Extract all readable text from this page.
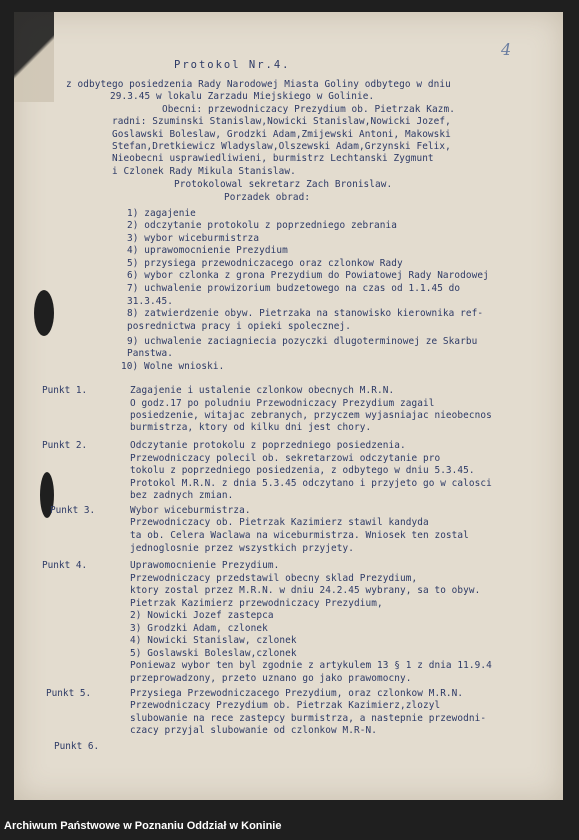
4
Protokol Nr.4.
z odbytego posiedzenia Rady Narodowej Miasta Goliny odbytego w dniu
29.3.45 w lokalu Zarzadu Miejskiego w Golinie.
Obecni: przewodniczacy Prezydium ob. Pietrzak Kazm.
radni: Szuminski Stanislaw,Nowicki Stanislaw,Nowicki Jozef,
Goslawski Boleslaw, Grodzki Adam,Zmijewski Antoni, Makowski
Stefan,Dretkiewicz Wladyslaw,Olszewski Adam,Grzynski Felix,
Nieobecni usprawiedliwieni, burmistrz Lechtanski Zygmunt
i Czlonek Rady Mikula Stanislaw.
Protokolowal sekretarz Zach Bronislaw.
Porzadek obrad:
1) zagajenie
2) odczytanie protokolu z poprzedniego zebrania
3) wybor wiceburmistrza
4) uprawomocnienie Prezydium
5) przysiega przewodniczacego oraz czlonkow Rady
6) wybor czlonka z grona Prezydium do Powiatowej Rady Narodowej
7) uchwalenie prowizorium budzetowego na czas od 1.1.45 do
31.3.45.
8) zatwierdzenie obyw. Pietrzaka na stanowisko kierownika ref-
posrednictwa pracy i opieki spolecznej.
9) uchwalenie zaciagniecia pozyczki dlugoterminowej ze Skarbu
Panstwa.
10) Wolne wnioski.
Punkt 1.	Zagajenie i ustalenie czlonkow obecnych M.R.N.
O godz.17 po poludniu Przewodniczacy Prezydium zagail
posiedzenie, witajac zebranych, przyczem wyjasniajac nieobecnos
burmistrza, ktory od kilku dni jest chory.
Punkt 2.	Odczytanie protokolu z poprzedniego posiedzenia.
Przewodniczacy polecil ob. sekretarzowi odczytanie pro
tokolu z poprzedniego posiedzenia, z odbytego w dniu 5.3.45.
Protokol M.R.N. z dnia 5.3.45 odczytano i przyjeto go w calosci
bez zadnych zmian.
Punkt 3.	Wybor wiceburmistrza.
Przewodniczacy ob. Pietrzak Kazimierz stawil kandyda
ta ob. Celera Waclawa na wiceburmistrza. Wniosek ten zostal
jednoglosnie przez wszystkich przyjety.
Punkt 4.	Uprawomocnienie Prezydium.
Przewodniczacy przedstawil obecny sklad Prezydium,
ktory zostal przez M.R.N. w dniu 24.2.45 wybrany, sa to obyw.
Pietrzak Kazimierz przewodniczacy Prezydium,
2) Nowicki Jozef zastepca
3) Grodzki Adam, czlonek
4) Nowicki Stanislaw, czlonek
5) Goslawski Boleslaw,czlonek
Poniewaz wybor ten byl zgodnie z artykulem 13 § 1 z dnia 11.9.4
przeprowadzony, przeto uznano go jako prawomocny.
Punkt 5.	Przysiega Przewodniczacego Prezydium, oraz czlonkow M.R.N.
Przewodniczacy Prezydium ob. Pietrzak Kazimierz,zlozyl
slubowanie na rece zastepcy burmistrza, a nastepnie przewodni-
czacy przyjal slubowanie od czlonkow M.R-N.
Punkt 6.
Archiwum Państwowe w Poznaniu Oddział w Koninie
